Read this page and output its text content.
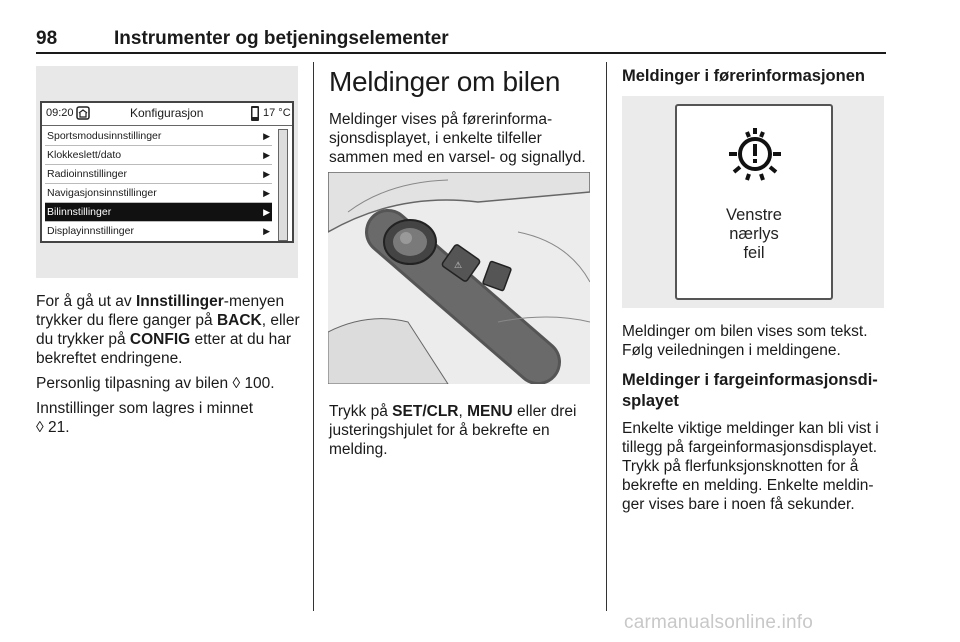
98	Instrumenter og betjeningselementer
09:20	Konfigurasjon	17 °C
Sportsmodusinnstillinger	▶
Klokkeslett/dato	▶
Radioinnstillinger	▶
Navigasjonsinnstillinger	▶
Bilinnstillinger	▶
Displayinnstillinger	▶

For å gå ut av Innstillinger-menyen trykker du flere ganger på BACK, eller du trykker på CONFIG etter at du har bekreftet endringene.

Personlig tilpasning av bilen ◊ 100.

Innstillinger som lagres i minnet
◊ 21.

Meldinger om bilen

Meldinger vises på førerinforma-sjonsdisplayet, i enkelte tilfeller sammen med en varsel- og signallyd.

⚠

Trykk på SET/CLR, MENU eller drei justeringshjulet for å bekrefte en melding.

Meldinger i førerinformasjonen
Venstre
nærlys
feil

Meldinger om bilen vises som tekst. Følg veiledningen i meldingene.

Meldinger i fargeinformasjonsdi-splayet

Enkelte viktige meldinger kan bli vist i tillegg på fargeinformasjonsdisplayet. Trykk på flerfunksjonsknotten for å bekrefte en melding. Enkelte meldin-ger vises bare i noen få sekunder.

carmanualsonline.info
